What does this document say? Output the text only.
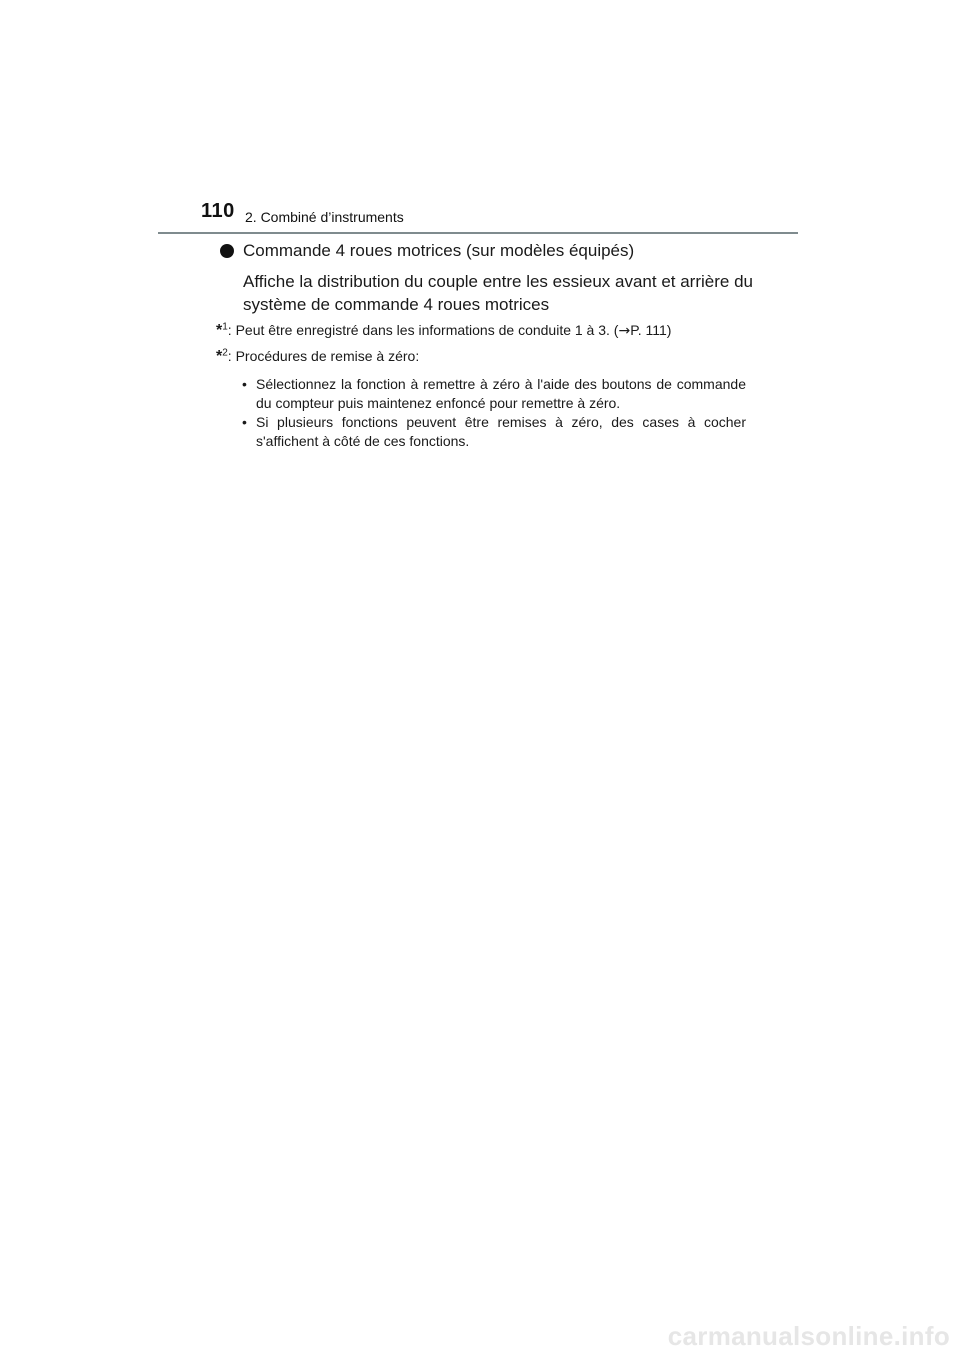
110 2. Combiné d’instruments
Commande 4 roues motrices (sur modèles équipés)
Affiche la distribution du couple entre les essieux avant et arrière du système de commande 4 roues motrices
*$^1$: Peut être enregistré dans les informations de conduite 1 à 3. (→P. 111)
*$^2$: Procédures de remise à zéro:
• Sélectionnez la fonction à remettre à zéro à l'aide des boutons de commande du compteur puis maintenez enfoncé pour remettre à zéro.
• Si plusieurs fonctions peuvent être remises à zéro, des cases à cocher s'affichent à côté de ces fonctions.
carmanualsonline.info
